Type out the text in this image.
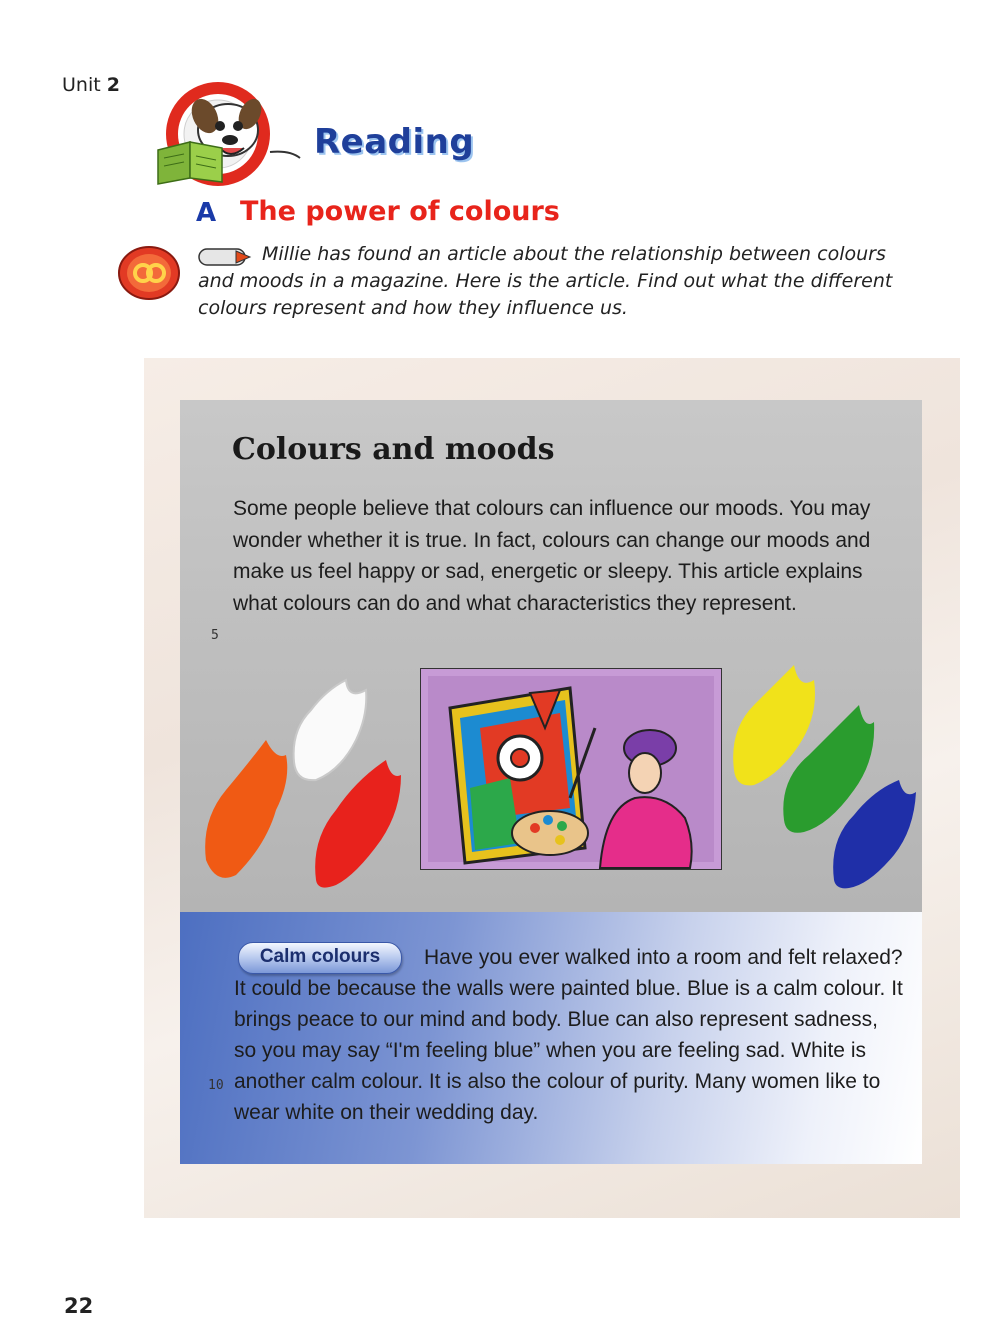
Unit 2
Reading
A The power of colours
Millie has found an article about the relationship between colours and moods in a magazine. Here is the article. Find out what the different colours represent and how they influence us.
Colours and moods
Some people believe that colours can influence our moods. You may wonder whether it is true. In fact, colours can change our moods and make us feel happy or sad, energetic or sleepy. This article explains what colours can do and what characteristics they represent.
5
Calm colours	Have you ever walked into a room and felt relaxed? It could be because the walls were painted blue. Blue is a calm colour. It brings peace to our mind and body. Blue can also represent sadness, so you may say “I'm feeling blue” when you are feeling sad. White is another calm colour. It is also the colour of purity. Many women like to wear white on their wedding day.
10
22
